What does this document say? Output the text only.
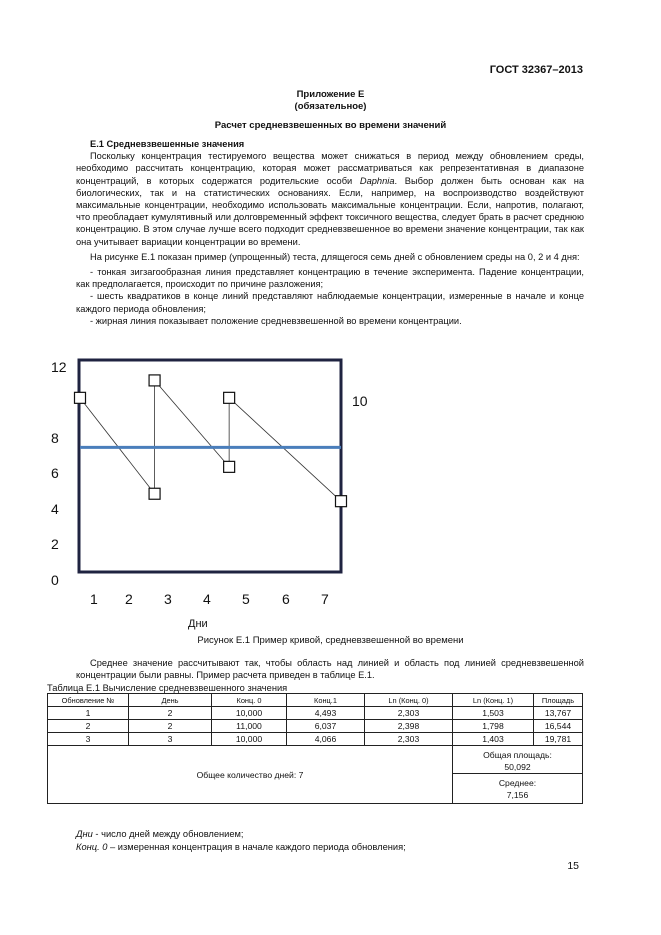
ГОСТ 32367–2013
Приложение Е
(обязательное)
Расчет средневзвешенных во времени значений

Е.1 Средневзвешенные значения

Поскольку концентрация тестируемого вещества может снижаться в период между обновлением среды, необходимо рассчитать концентрацию, которая может рассматриваться как репрезентативная в диапазоне концентраций, в которых содержатся родительские особи Daphnia. Выбор должен быть основан как на биологических, так и на статистических основаниях. Если, например, на воспроизводство воздействуют максимальные концентрации, необходимо использовать максимальные концентрации. Если, напротив, полагают, что преобладает кумулятивный или долговременный эффект токсичного вещества, следует брать в расчет среднюю концентрацию. В этом случае лучше всего подходит средневзвешенное во времени значение концентрации, так как она учитывает вариации концентрации во времени.

На рисунке Е.1 показан пример (упрощенный) теста, длящегося семь дней с обновлением среды на 0, 2 и 4 дня:

- тонкая зигзагообразная линия представляет концентрацию в течение эксперимента. Падение концентрации, как предполагается, происходит по причине разложения;

- шесть квадратиков в конце линий представляют наблюдаемые концентрации, измеренные в начале и конце каждого периода обновления;

- жирная линия показывает положение средневзвешенной во времени концентрации.

0
2
4
6
8
12
10
1 2 3 4 5 6 7
Дни
Рисунок Е.1 Пример кривой, средневзвешенной во времени

Среднее значение рассчитывают так, чтобы область над линией и область под линией средневзвешенной концентрации были равны. Пример расчета приведен в таблице Е.1.

Таблица Е.1 Вычисление средневзвешенного значения
Обновление №	День	Конц. 0	Конц.1	Ln (Конц. 0)	Ln (Конц. 1)	Площадь
1	2	10,000	4,493	2,303	1,503	13,767
2	2	11,000	6,037	2,398	1,798	16,544
3	3	10,000	4,066	2,303	1,403	19,781
Общее количество дней: 7					Общая площадь:	
					50,092	
					Среднее:	
					7,156	
Дни - число дней между обновлением;
Конц. 0 – измеренная концентрация в начале каждого периода обновления;
15
